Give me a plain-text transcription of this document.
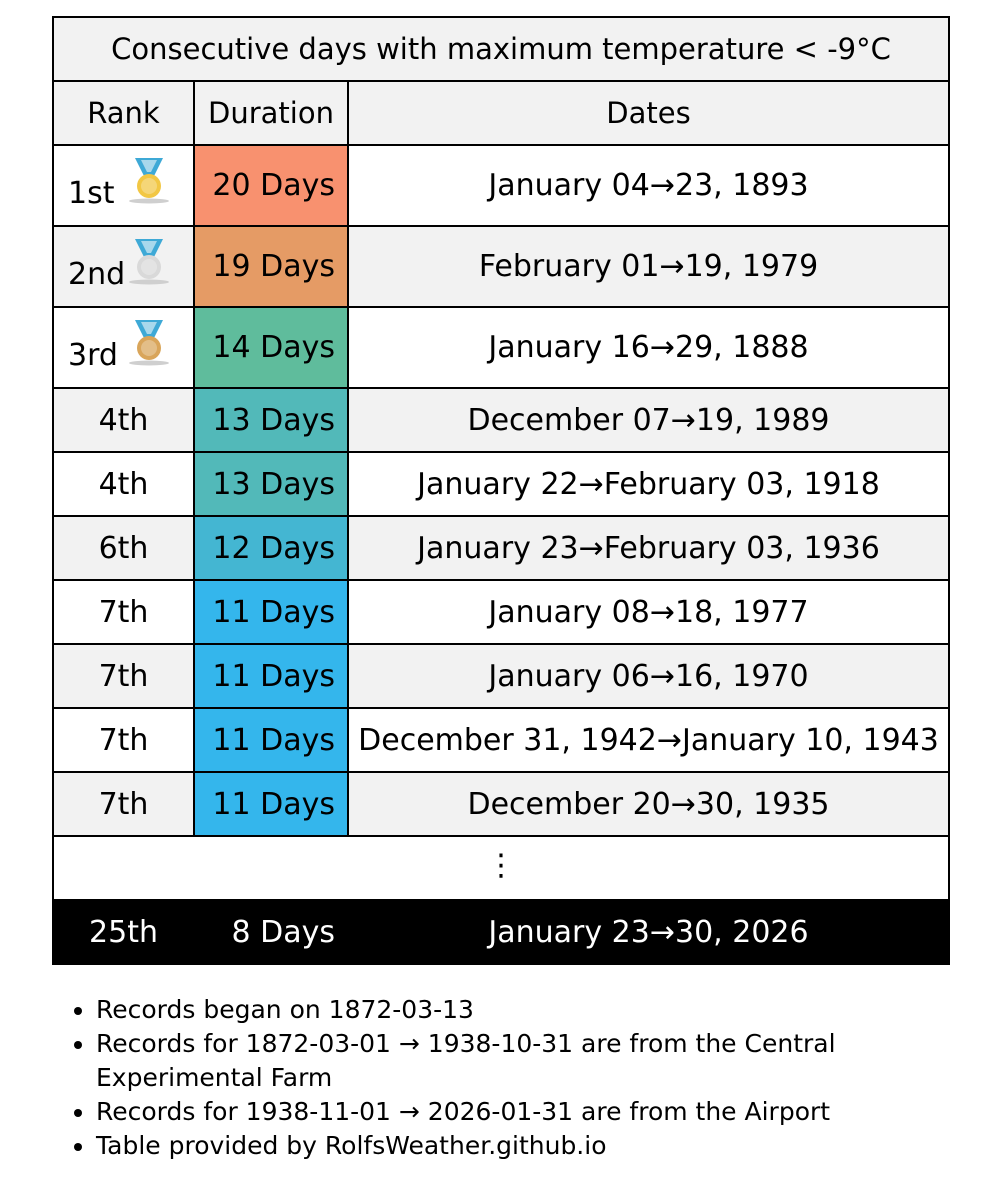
Consecutive days with maximum temperature < -9°C		
Rank	Duration	Dates

1st	20 Days	January 04→23, 1893

2nd	19 Days	February 01→19, 1979

3rd	14 Days	January 16→29, 1888
4th	13 Days	December 07→19, 1989
4th	13 Days	January 22→February 03, 1918
6th	12 Days	January 23→February 03, 1936
7th	11 Days	January 08→18, 1977
7th	11 Days	January 06→16, 1970
7th	11 Days	December 31, 1942→January 10, 1943
7th	11 Days	December 20→30, 1935
⋮		
25th	8 Days	January 23→30, 2026
• Records began on 1872-03-13
• Records for 1872-03-01 → 1938-10-31 are from the Central Experimental Farm
• Records for 1938-11-01 → 2026-01-31 are from the Airport
• Table provided by RolfsWeather.github.io
